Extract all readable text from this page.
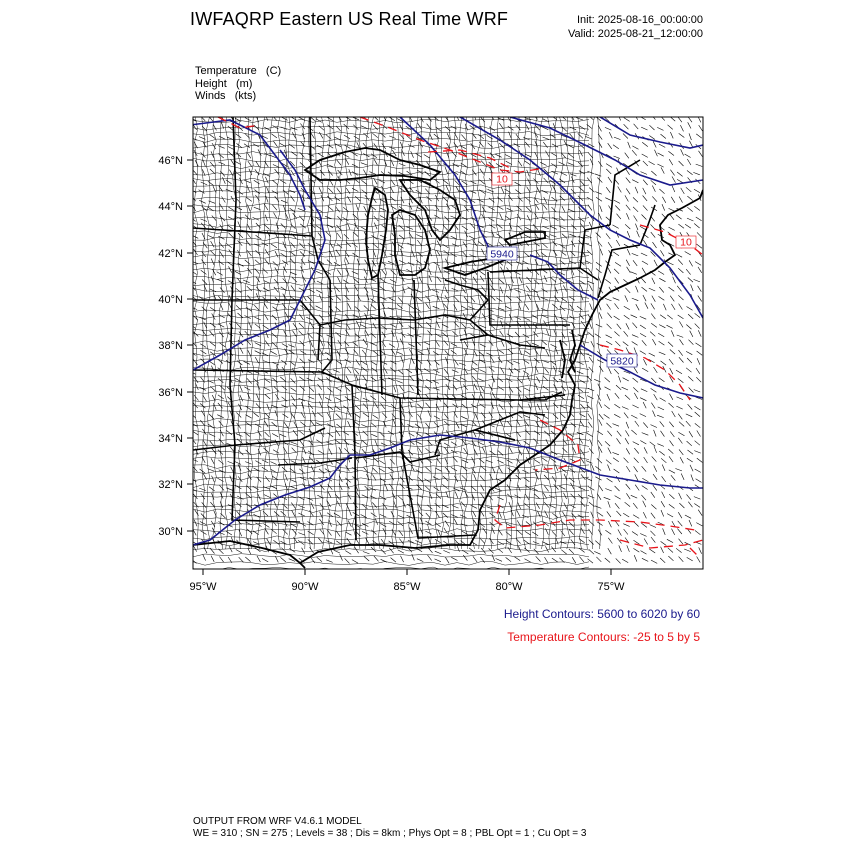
IWFAQRP Eastern US Real Time WRF	Init: 2025-08-16_00:00:00
Valid: 2025-08-21_12:00:00
Temperature   (C)
Height   (m)
Winds   (kts)
5940
5820
10
10
46°N
44°N
42°N
40°N
38°N
36°N
34°N
32°N
30°N
95°W	90°W	85°W	80°W	75°W
Height Contours: 5600 to 6020 by 60
Temperature Contours: -25 to 5 by 5
OUTPUT FROM WRF V4.6.1 MODEL
WE = 310 ; SN = 275 ; Levels = 38 ; Dis = 8km ; Phys Opt = 8 ; PBL Opt = 1 ; Cu Opt = 3
